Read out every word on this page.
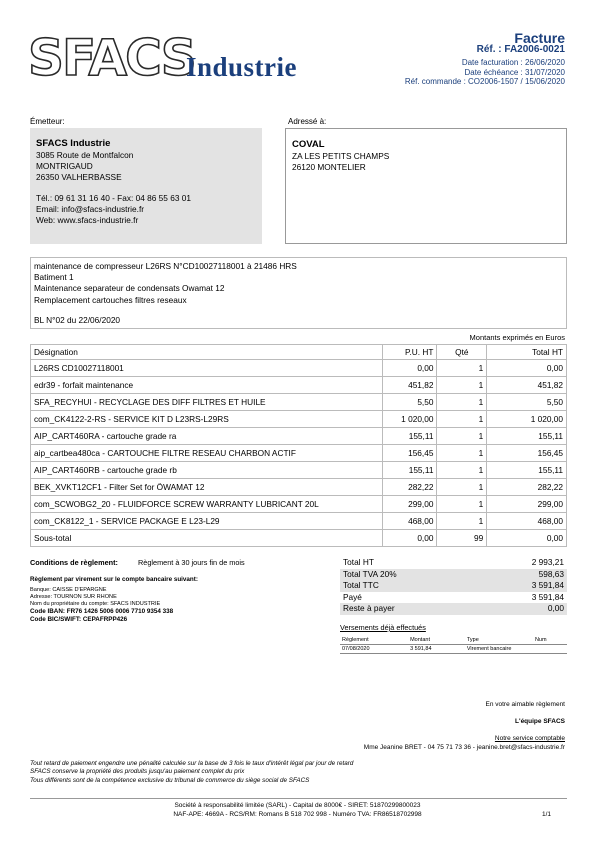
SFACS
Industrie
Facture
Réf. : FA2006-0021
Date facturation : 26/06/2020
Date échéance : 31/07/2020
Réf. commande : CO2006-1507 / 15/06/2020
Émetteur:	Adressé à:
SFACS Industrie
3085 Route de Montfalcon
MONTRIGAUD
26350 VALHERBASSE
Tél.: 09 61 31 16 40 - Fax: 04 86 55 63 01
Email: info@sfacs-industrie.fr
Web: www.sfacs-industrie.fr
COVAL
ZA LES PETITS CHAMPS
26120 MONTELIER
maintenance de compresseur L26RS N°CD10027118001 à 21486 HRS
Batiment 1
Maintenance separateur de condensats Owamat 12
Remplacement cartouches filtres reseaux
BL N°02 du 22/06/2020
Montants exprimés en Euros
Désignation	P.U. HT	Qté	Total HT
L26RS CD10027118001	0,00	1	0,00
edr39 - forfait maintenance	451,82	1	451,82
SFA_RECYHUI - RECYCLAGE DES DIFF FILTRES ET HUILE	5,50	1	5,50
com_CK4122-2-RS - SERVICE KIT D L23RS-L29RS	1 020,00	1	1 020,00
AIP_CART460RA - cartouche grade ra	155,11	1	155,11
aip_cartbea480ca - CARTOUCHE FILTRE RESEAU CHARBON ACTIF	156,45	1	156,45
AIP_CART460RB - cartouche grade rb	155,11	1	155,11
BEK_XVKT12CF1 - Filter Set for ÖWAMAT 12	282,22	1	282,22
com_SCWOBG2_20 - FLUIDFORCE SCREW WARRANTY LUBRICANT 20L	299,00	1	299,00
com_CK8122_1 - SERVICE PACKAGE E L23-L29	468,00	1	468,00
Sous-total	0,00	99	0,00
Conditions de règlement:	Règlement à 30 jours fin de mois
Règlement par virement sur le compte bancaire suivant:
Banque: CAISSE D'EPARGNE
Adresse: TOURNON SUR RHONE
Nom du propriétaire du compte: SFACS INDUSTRIE
Code IBAN: FR76 1426 5006 0006 7710 9354 338
Code BIC/SWIFT: CEPAFRPP426
Total HT	2 993,21
Total TVA 20%	598,63
Total TTC	3 591,84
Payé	3 591,84
Reste à payer	0,00
Versements déjà effectués
Règlement	Montant	Type	Num
07/08/2020	3 591,84	Virement bancaire	
En votre aimable règlement
L'équipe SFACS
Notre service comptable
Mme Jeanine BRET - 04 75 71 73 36 - jeanine.bret@sfacs-industrie.fr
Tout retard de paiement engendre une pénalité calculée sur la base de 3 fois le taux d'intérêt légal par jour de retard
SFACS conserve la propriété des produits jusqu'au paiement complet du prix
Tous différents sont de la compétence exclusive du tribunal de commerce du siège social de SFACS
Société à responsabilité limitée (SARL) - Capital de 8000€ - SIRET: 51870299800023
NAF-APE: 4669A - RCS/RM: Romans B 518 702 998 - Numéro TVA: FR86518702998	1/1
